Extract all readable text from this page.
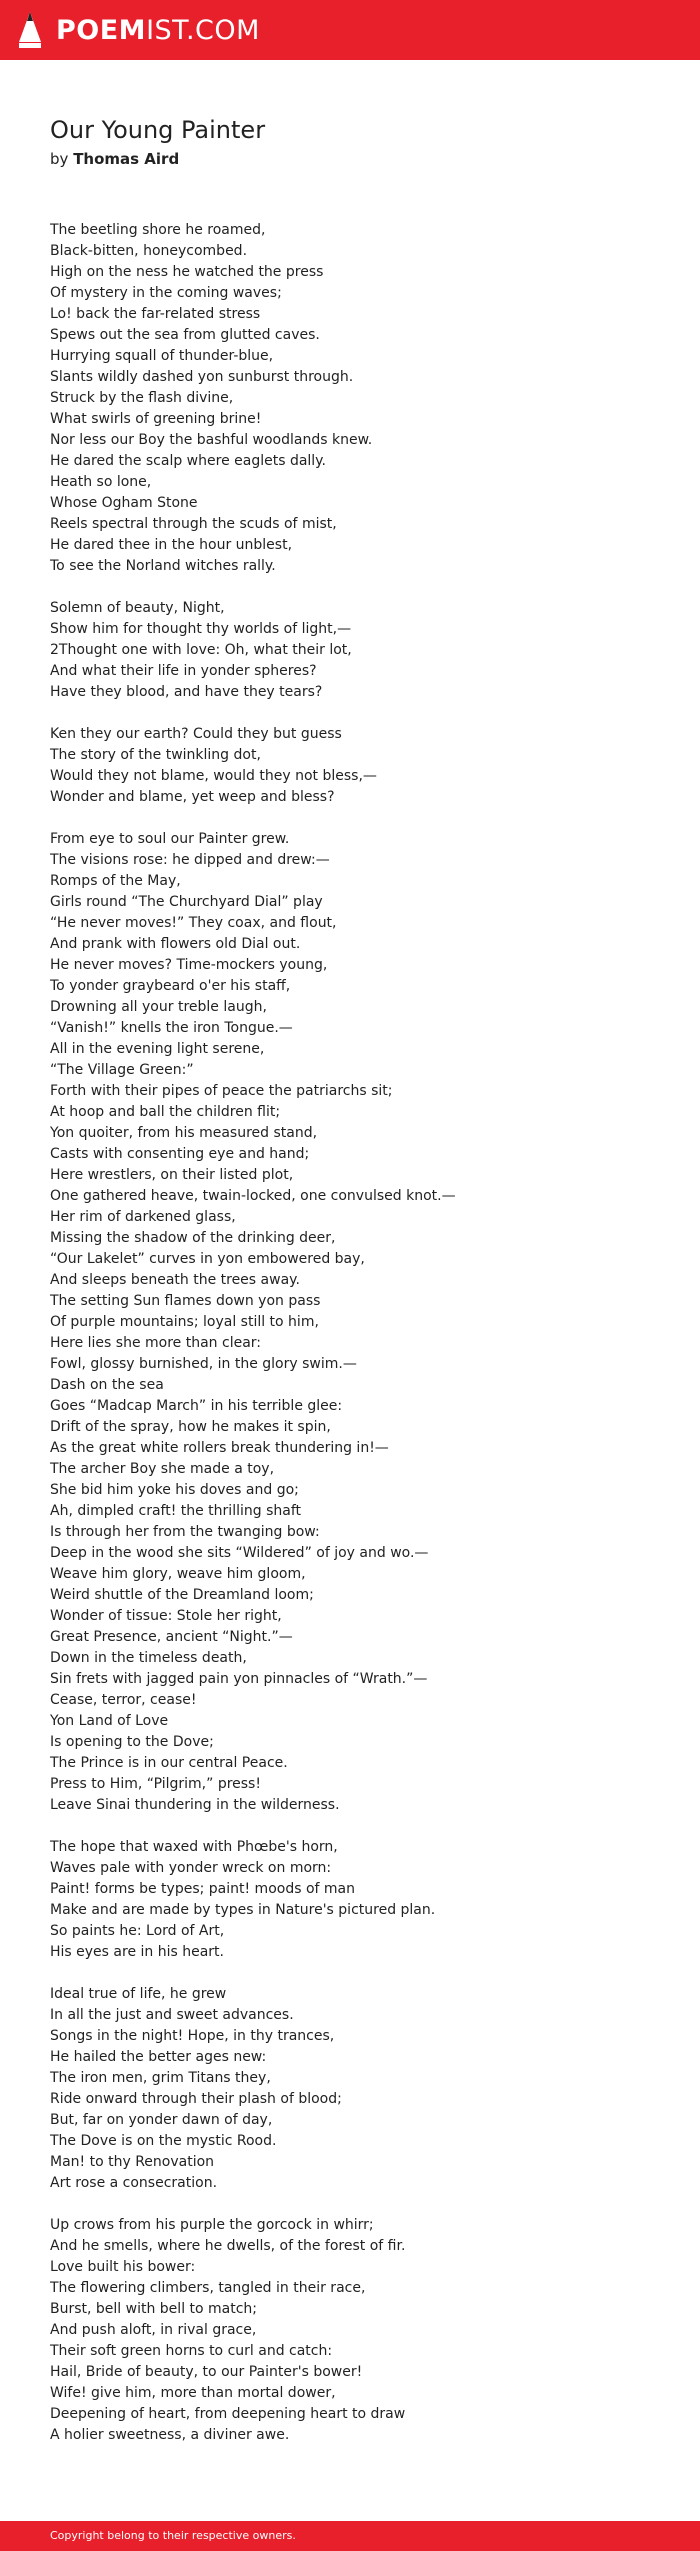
POEMIST.COM
Our Young Painter
by Thomas Aird
The beetling shore he roamed,
Black-bitten, honeycombed.
High on the ness he watched the press
Of mystery in the coming waves;
Lo! back the far-related stress
Spews out the sea from glutted caves.
Hurrying squall of thunder-blue,
Slants wildly dashed yon sunburst through.
Struck by the flash divine,
What swirls of greening brine!
Nor less our Boy the bashful woodlands knew.
He dared the scalp where eaglets dally.
Heath so lone,
Whose Ogham Stone
Reels spectral through the scuds of mist,
He dared thee in the hour unblest,
To see the Norland witches rally.
Solemn of beauty, Night,
Show him for thought thy worlds of light,—
2Thought one with love: Oh, what their lot,
And what their life in yonder spheres?
Have they blood, and have they tears?
Ken they our earth? Could they but guess
The story of the twinkling dot,
Would they not blame, would they not bless,—
Wonder and blame, yet weep and bless?
From eye to soul our Painter grew.
The visions rose: he dipped and drew:—
Romps of the May,
Girls round “The Churchyard Dial” play
“He never moves!” They coax, and flout,
And prank with flowers old Dial out.
He never moves? Time-mockers young,
To yonder graybeard o'er his staff,
Drowning all your treble laugh,
“Vanish!” knells the iron Tongue.—
All in the evening light serene,
“The Village Green:”
Forth with their pipes of peace the patriarchs sit;
At hoop and ball the children flit;
Yon quoiter, from his measured stand,
Casts with consenting eye and hand;
Here wrestlers, on their listed plot,
One gathered heave, twain-locked, one convulsed knot.—
Her rim of darkened glass,
Missing the shadow of the drinking deer,
“Our Lakelet” curves in yon embowered bay,
And sleeps beneath the trees away.
The setting Sun flames down yon pass
Of purple mountains; loyal still to him,
Here lies she more than clear:
Fowl, glossy burnished, in the glory swim.—
Dash on the sea
Goes “Madcap March” in his terrible glee:
Drift of the spray, how he makes it spin,
As the great white rollers break thundering in!—
The archer Boy she made a toy,
She bid him yoke his doves and go;
Ah, dimpled craft! the thrilling shaft
Is through her from the twanging bow:
Deep in the wood she sits “Wildered” of joy and wo.—
Weave him glory, weave him gloom,
Weird shuttle of the Dreamland loom;
Wonder of tissue: Stole her right,
Great Presence, ancient “Night.”—
Down in the timeless death,
Sin frets with jagged pain yon pinnacles of “Wrath.”—
Cease, terror, cease!
Yon Land of Love
Is opening to the Dove;
The Prince is in our central Peace.
Press to Him, “Pilgrim,” press!
Leave Sinai thundering in the wilderness.
The hope that waxed with Phœbe's horn,
Waves pale with yonder wreck on morn:
Paint! forms be types; paint! moods of man
Make and are made by types in Nature's pictured plan.
So paints he: Lord of Art,
His eyes are in his heart.
Ideal true of life, he grew
In all the just and sweet advances.
Songs in the night! Hope, in thy trances,
He hailed the better ages new:
The iron men, grim Titans they,
Ride onward through their plash of blood;
But, far on yonder dawn of day,
The Dove is on the mystic Rood.
Man! to thy Renovation
Art rose a consecration.
Up crows from his purple the gorcock in whirr;
And he smells, where he dwells, of the forest of fir.
Love built his bower:
The flowering climbers, tangled in their race,
Burst, bell with bell to match;
And push aloft, in rival grace,
Their soft green horns to curl and catch:
Hail, Bride of beauty, to our Painter's bower!
Wife! give him, more than mortal dower,
Deepening of heart, from deepening heart to draw
A holier sweetness, a diviner awe.
Copyright belong to their respective owners.
